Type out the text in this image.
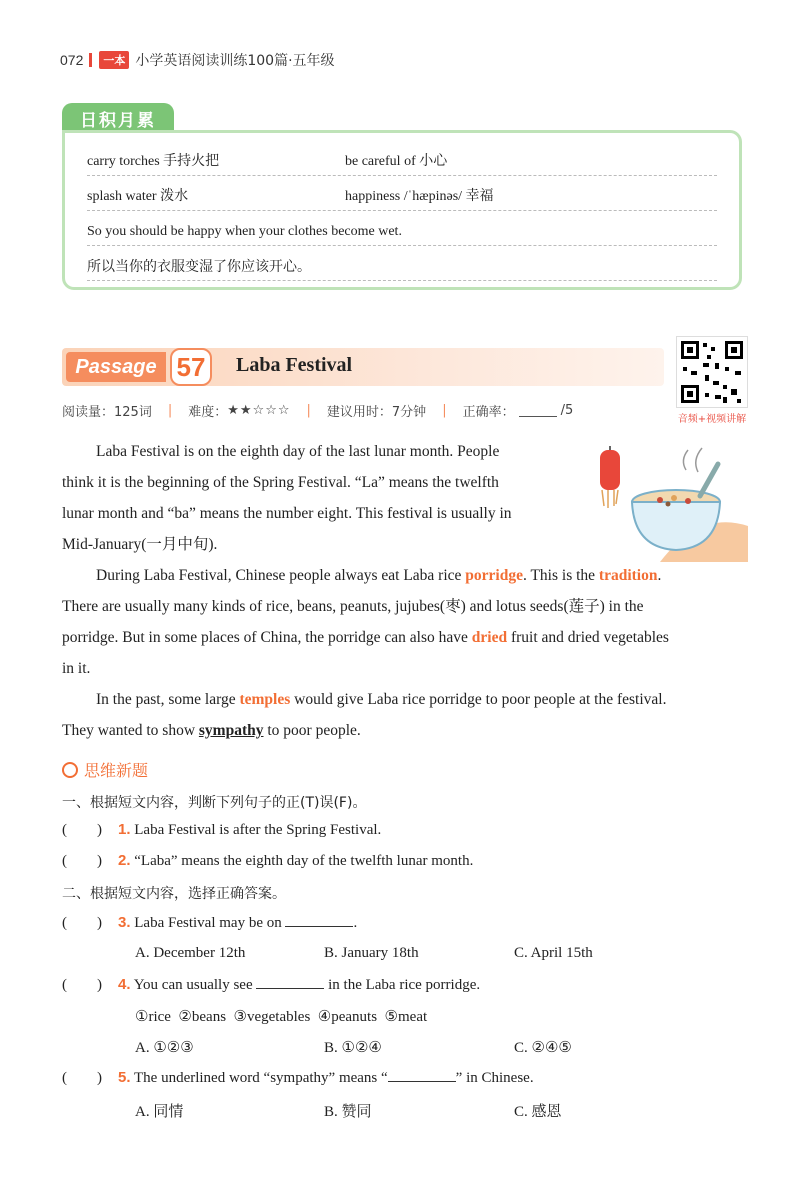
072	一本 小学英语阅读训练100篇·五年级
日积月累
carry torches 手持火把	be careful of 小心
splash water 泼水	happiness /ˈhæpinəs/ 幸福
So you should be happy when your clothes become wet.
所以当你的衣服变湿了你应该开心。
Passage 57	Laba Festival
音频+视频讲解
阅读量：125词 | 难度： ★★☆☆☆ | 建议用时：7分钟 | 正确率：	/5
Laba Festival is on the eighth day of the last lunar month. People
think it is the beginning of the Spring Festival. “La” means the twelfth
lunar month and “ba” means the number eight. This festival is usually in
Mid-January(一月中旬).
During Laba Festival, Chinese people always eat Laba rice porridge. This is the tradition.
There are usually many kinds of rice, beans, peanuts, jujubes(枣) and lotus seeds(莲子) in the
porridge. But in some places of China, the porridge can also have dried fruit and dried vegetables
in it.
In the past, some large temples would give Laba rice porridge to poor people at the festival.
They wanted to show sympathy to poor people.
思维新题
一、根据短文内容，判断下列句子的正(T)误(F)。
(        ) 1. Laba Festival is after the Spring Festival.
(        ) 2. “Laba” means the eighth day of the twelfth lunar month.
二、根据短文内容，选择正确答案。
(        ) 3. Laba Festival may be on	.
A. December 12th	B. January 18th	C. April 15th
(        ) 4. You can usually see	in the Laba rice porridge.
①rice  ②beans  ③vegetables  ④peanuts  ⑤meat
A. ①②③	B. ①②④	C. ②④⑤
(        ) 5. The underlined word “sympathy” means “	” in Chinese.
A. 同情	B. 赞同	C. 感恩
